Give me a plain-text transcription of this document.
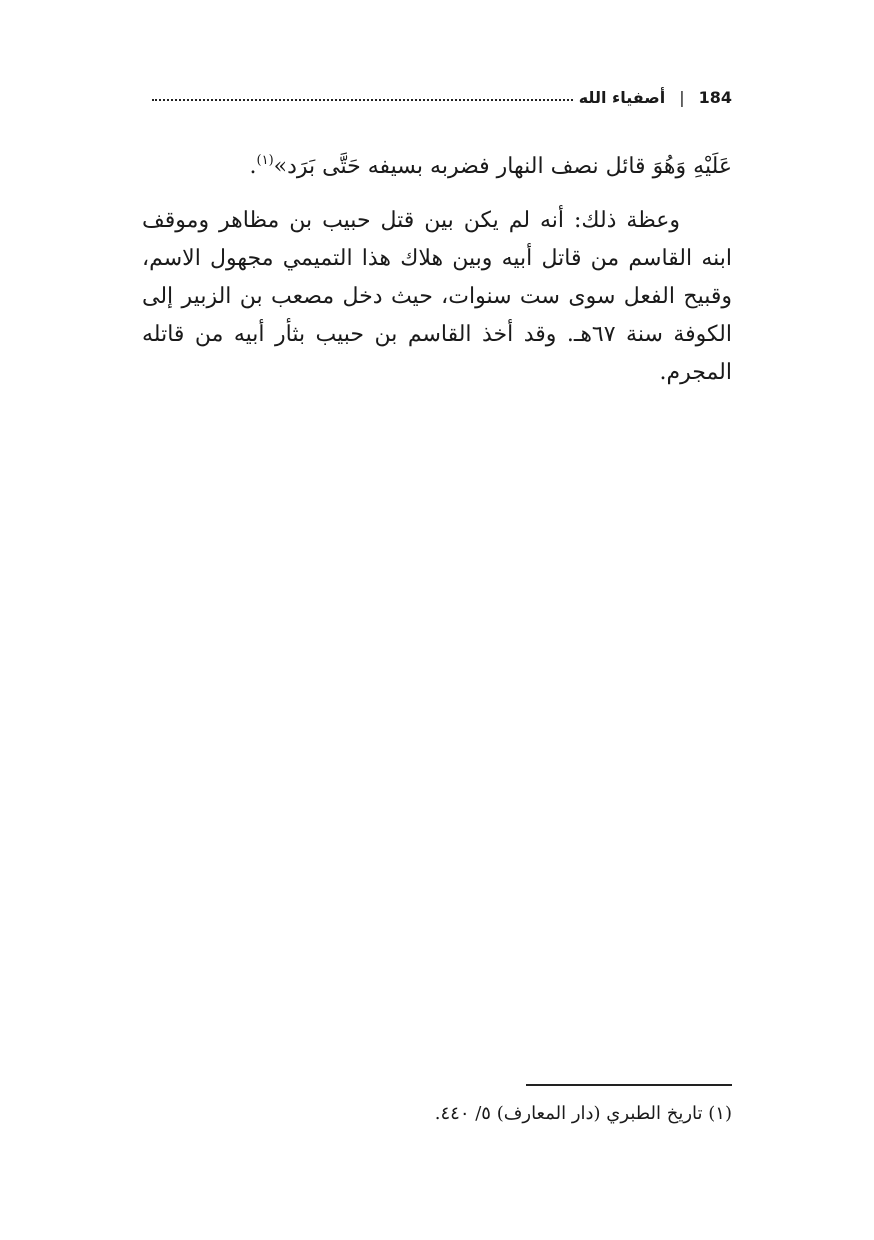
184
|
أصفياء الله

عَلَيْهِ وَهُوَ قائل نصف النهار فضربه بسيفه حَتَّى بَرَد»$^{(١)}$.

وعظة ذلك: أنه لم يكن بين قتل حبيب بن مظاهر وموقف ابنه القاسم من قاتل أبيه وبين هلاك هذا التميمي مجهول الاسم، وقبيح الفعل سوى ست سنوات، حيث دخل مصعب بن الزبير إلى الكوفة سنة ٦٧هـ. وقد أخذ القاسم بن حبيب بثأر أبيه من قاتله المجرم.

(١) تاريخ الطبري (دار المعارف) ٥/ ٤٤٠.
